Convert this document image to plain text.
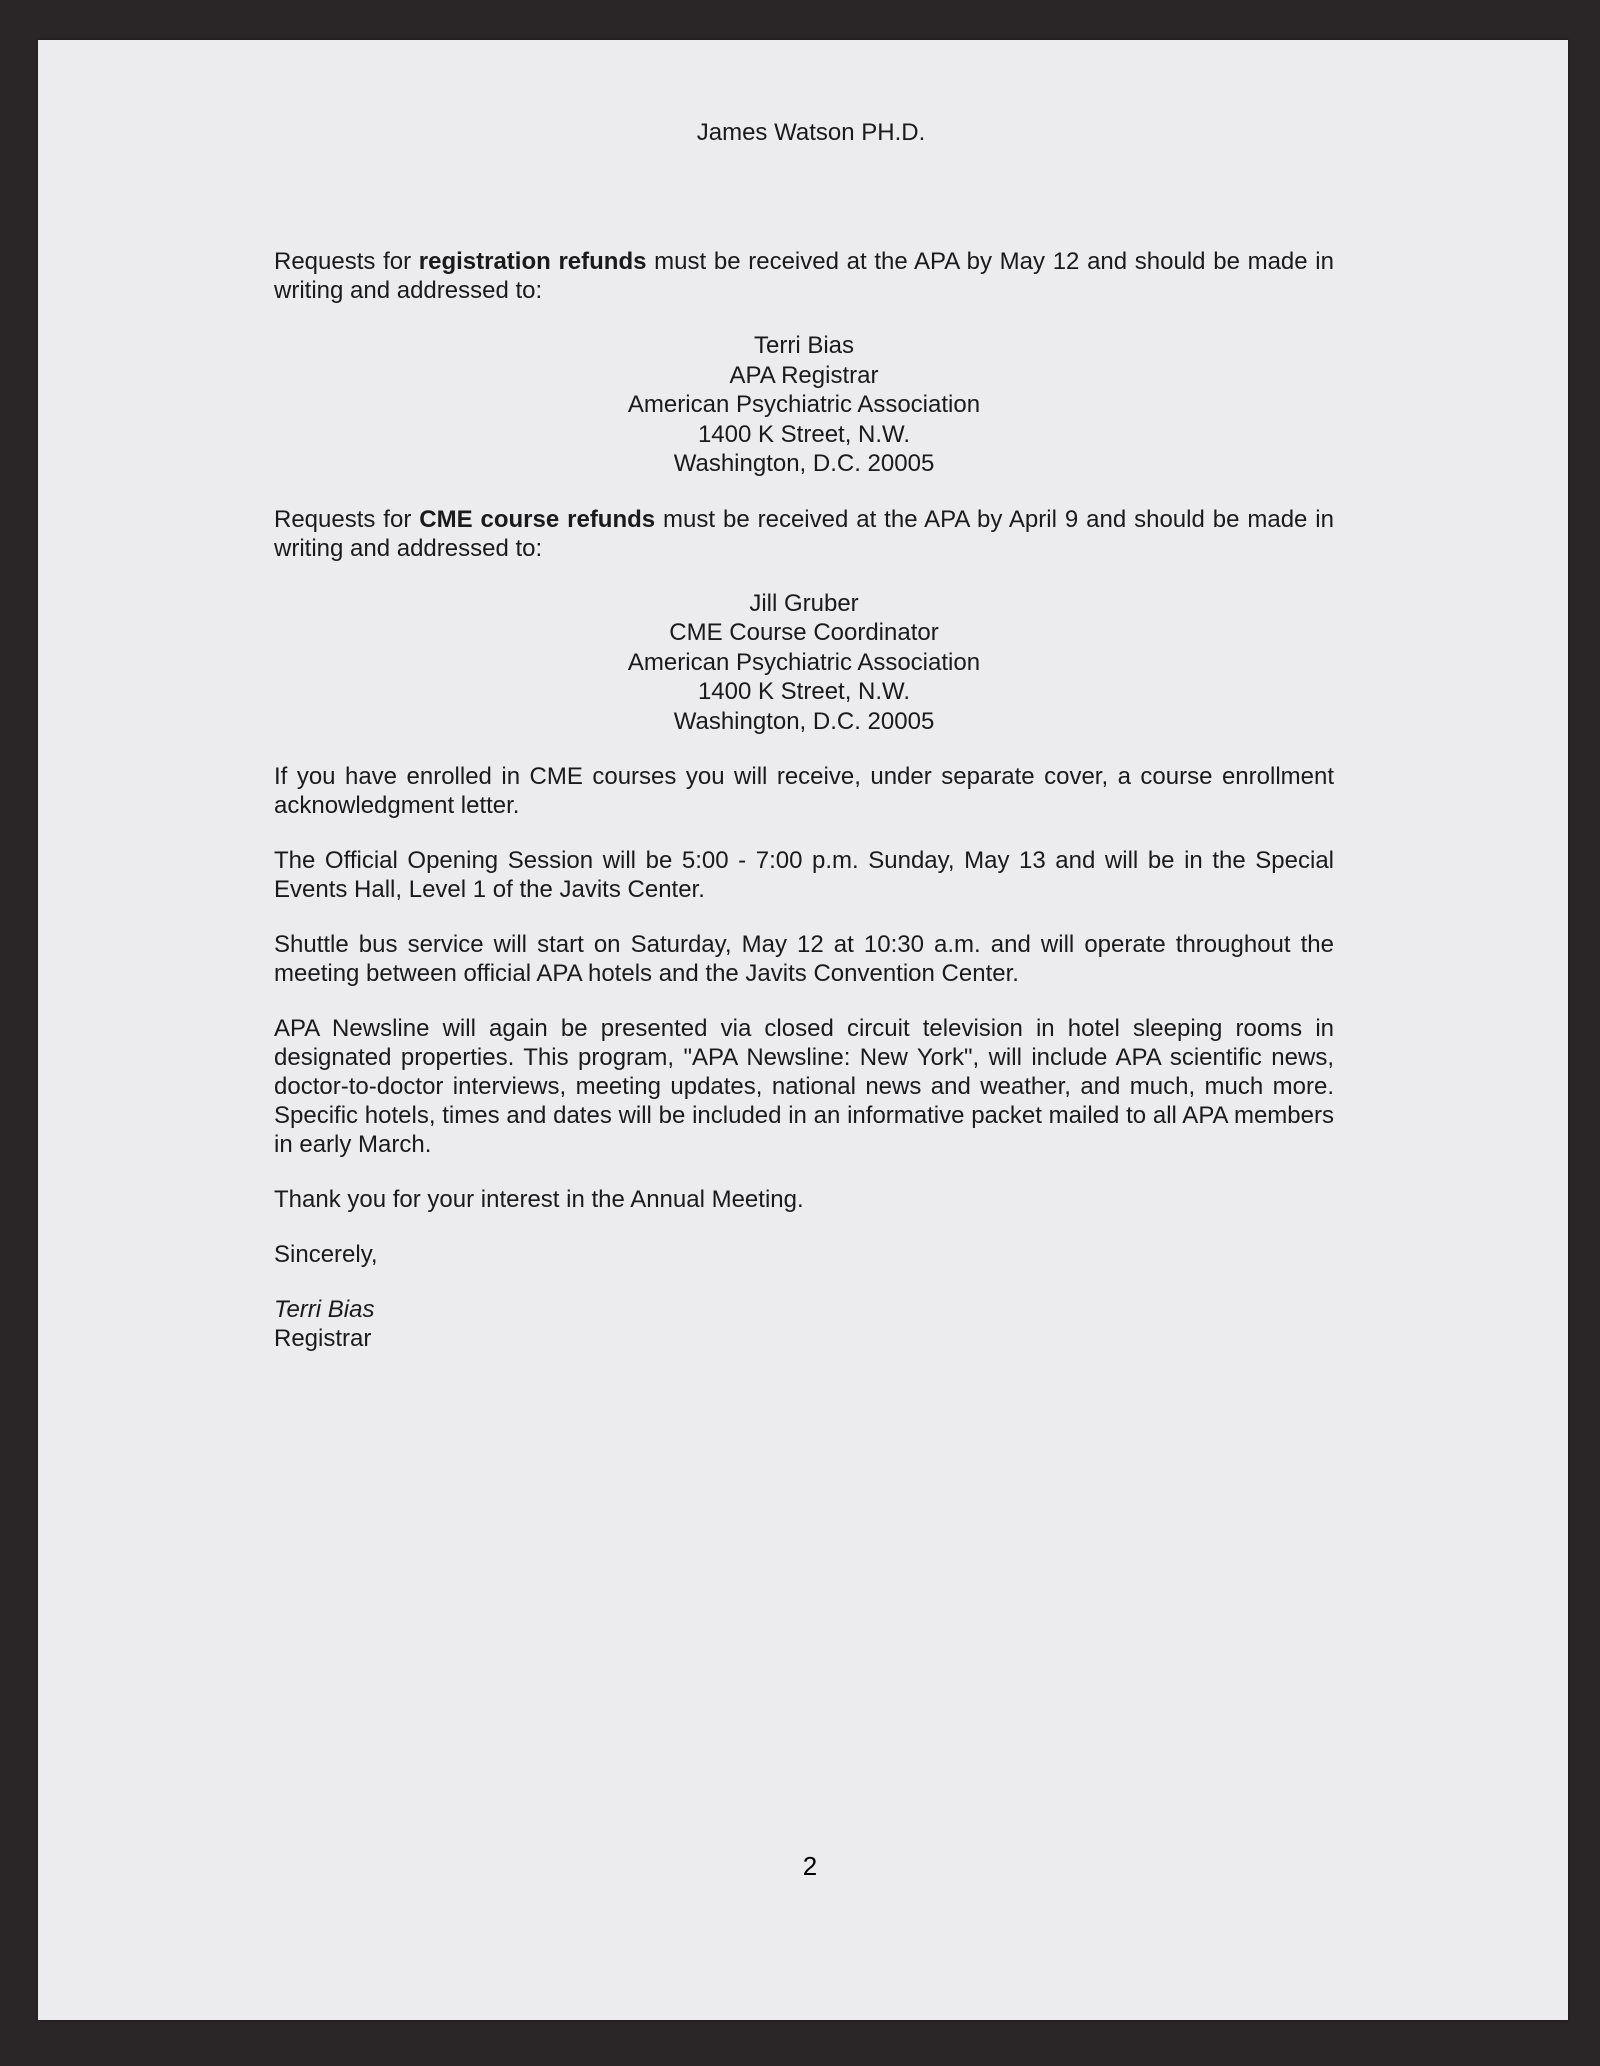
James Watson PH.D.

Requests for registration refunds must be received at the APA by May 12 and should be made in writing and addressed to:

Terri Bias
APA Registrar
American Psychiatric Association
1400 K Street, N.W.
Washington, D.C. 20005

Requests for CME course refunds must be received at the APA by April 9 and should be made in writing and addressed to:

Jill Gruber
CME Course Coordinator
American Psychiatric Association
1400 K Street, N.W.
Washington, D.C. 20005

If you have enrolled in CME courses you will receive, under separate cover, a course enrollment acknowledgment letter.

The Official Opening Session will be 5:00 - 7:00 p.m. Sunday, May 13 and will be in the Special Events Hall, Level 1 of the Javits Center.

Shuttle bus service will start on Saturday, May 12 at 10:30 a.m. and will operate throughout the meeting between official APA hotels and the Javits Convention Center.

APA Newsline will again be presented via closed circuit television in hotel sleeping rooms in designated properties. This program, "APA Newsline: New York", will include APA scientific news, doctor-to-doctor interviews, meeting updates, national news and weather, and much, much more. Specific hotels, times and dates will be included in an informative packet mailed to all APA members in early March.

Thank you for your interest in the Annual Meeting.

Sincerely,
Terri Bias
Registrar
2
